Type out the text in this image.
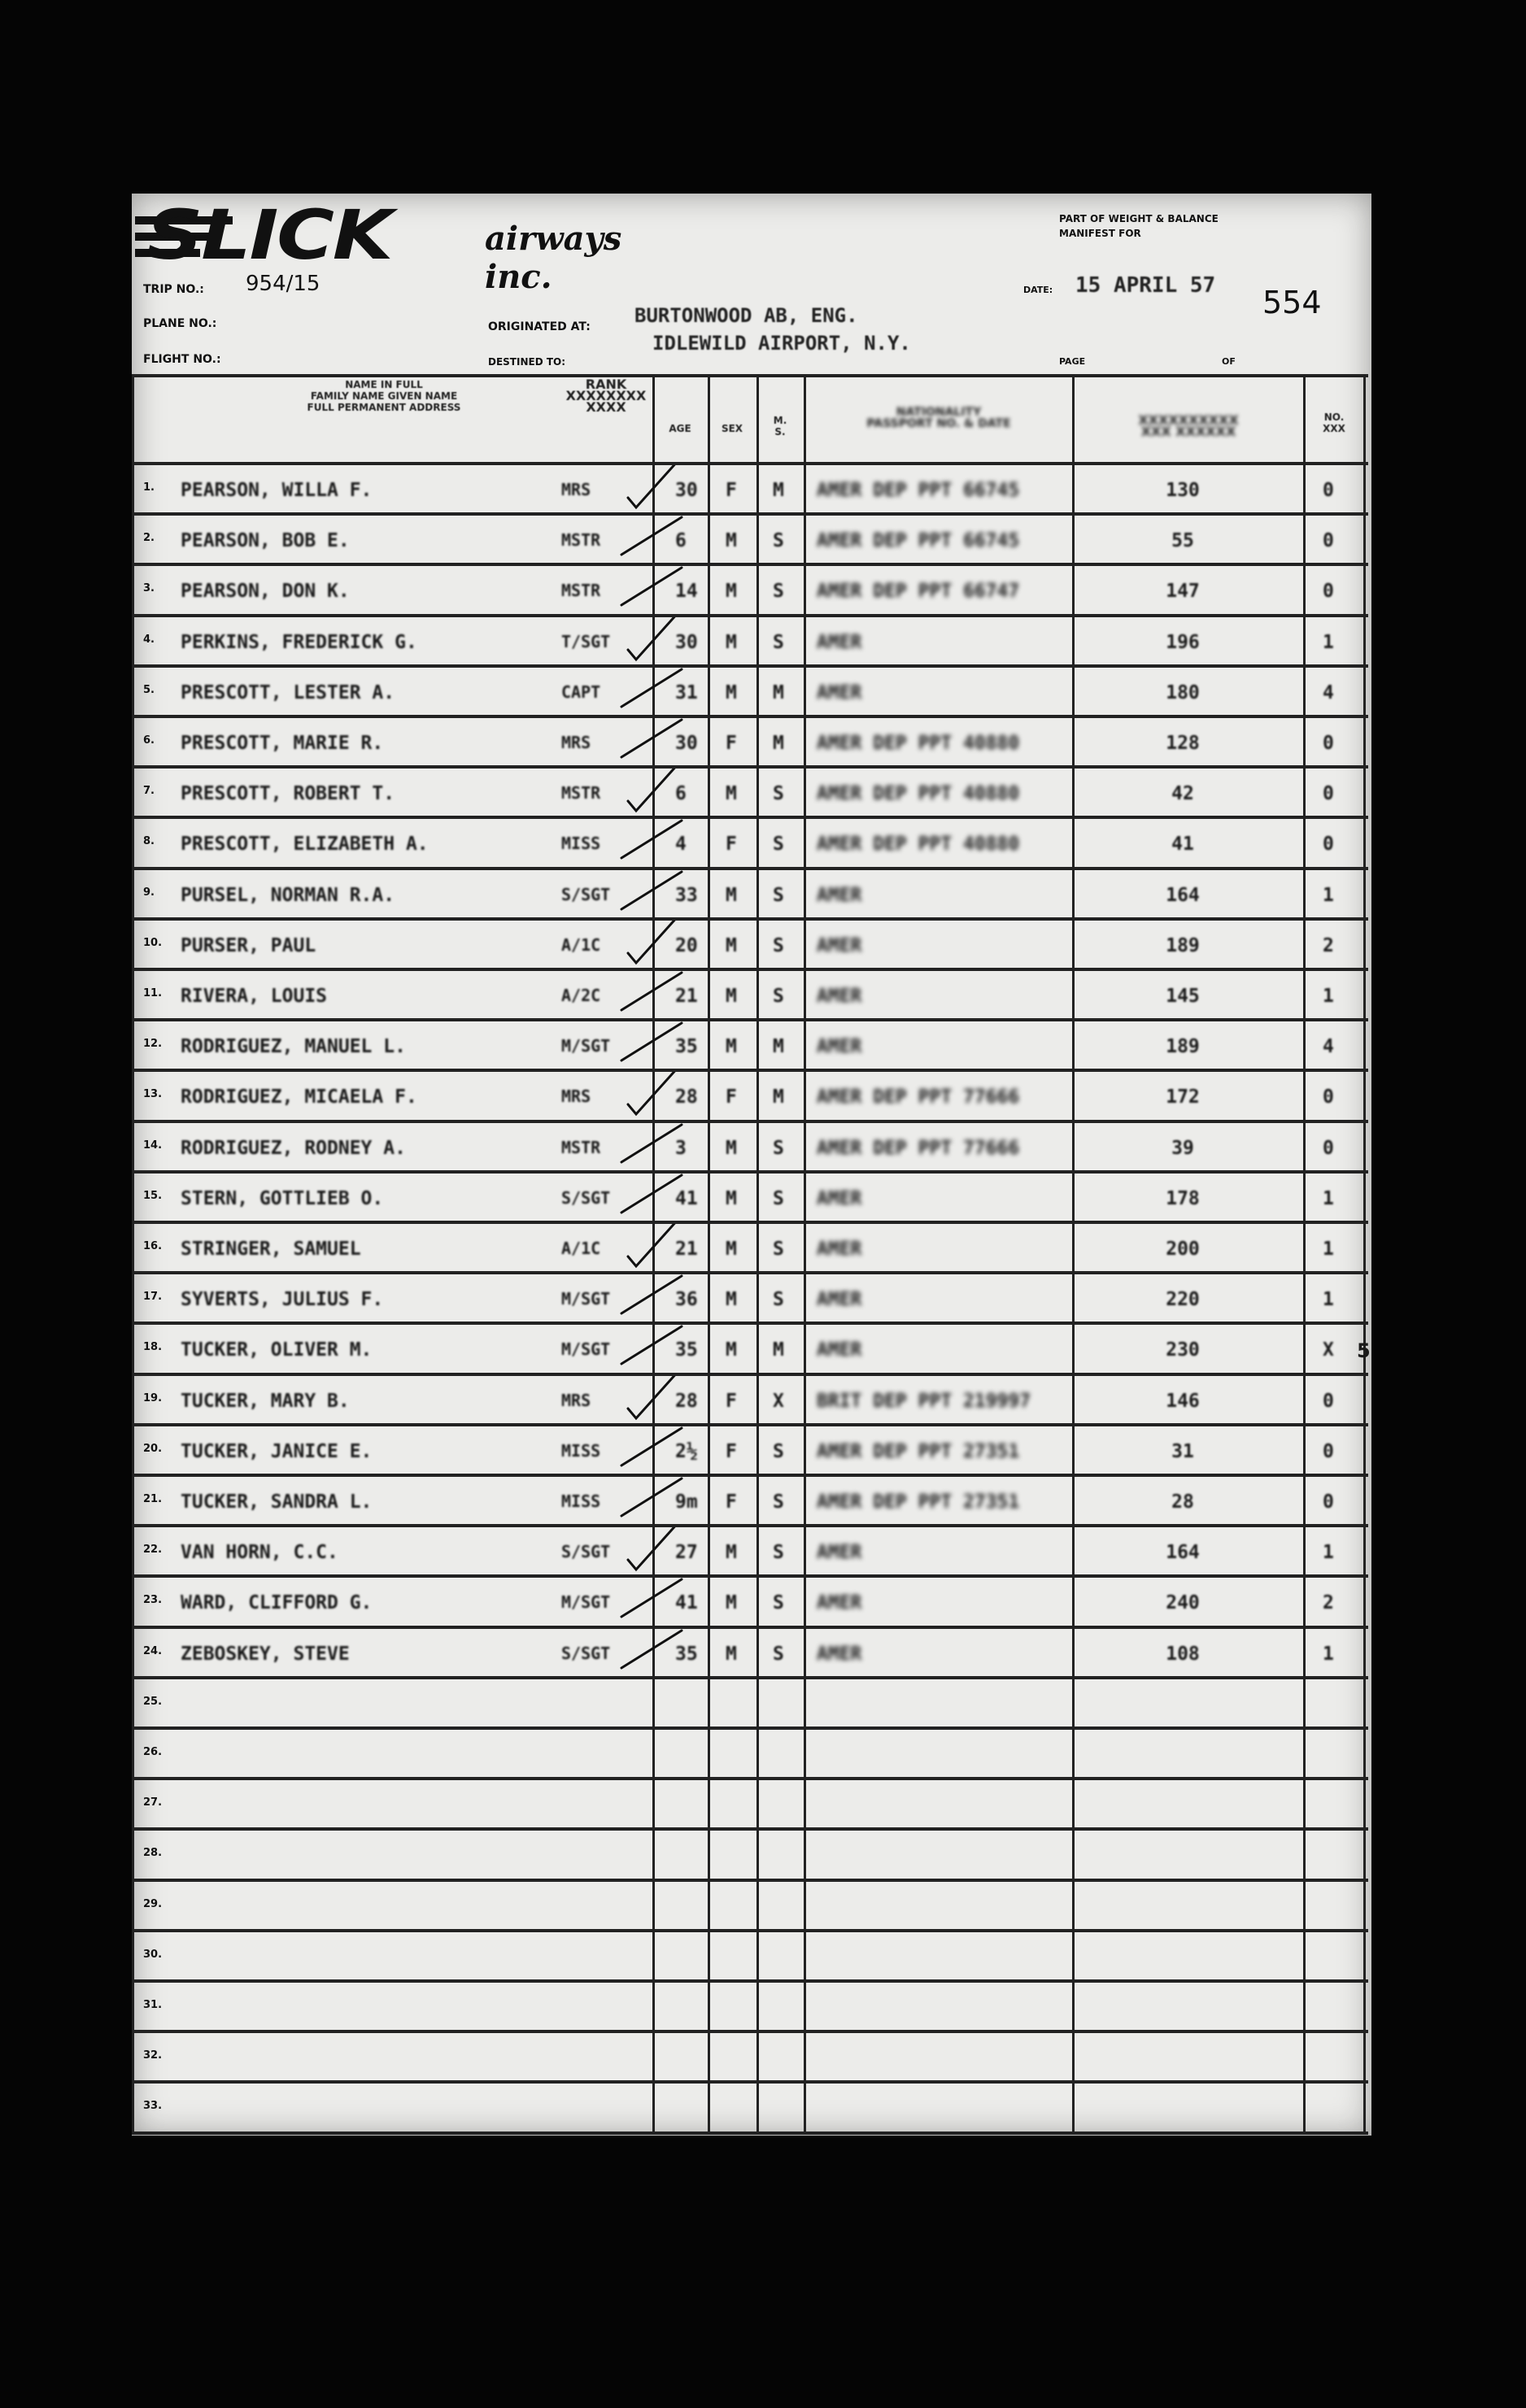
SLICK	airways inc.
PART OF WEIGHT & BALANCE
MANIFEST FOR
TRIP NO.: 954/15
PLANE NO.:
FLIGHT NO.:
ORIGINATED AT: BURTONWOOD AB, ENG.
DESTINED TO:
IDLEWILD AIRPORT, N.Y.
DATE: 15 APRIL 57 554
PAGE	OF
NAME IN FULL
FAMILY NAME GIVEN NAME
FULL PERMANENT ADDRESS
RANK
XXXXXXXX
XXXX
AGE	SEX
M.
S.
NATIONALITY
PASSPORT NO. & DATE	XXXXXXXXXX
XXX XXXXXX
NO.
XXX
1. PEARSON, WILLA F.	MRS	30	F	M	AMER DEP PPT 66745	130	0
2. PEARSON, BOB E.	MSTR	6	M	S	AMER DEP PPT 66745	55	0
3. PEARSON, DON K.	MSTR	14	M	S	AMER DEP PPT 66747	147	0
4. PERKINS, FREDERICK G.	T/SGT	30	M	S	AMER	196	1
5. PRESCOTT, LESTER A.	CAPT	31	M	M	AMER	180	4
6. PRESCOTT, MARIE R.	MRS	30	F	M	AMER DEP PPT 40880	128	0
7. PRESCOTT, ROBERT T.	MSTR	6	M	S	AMER DEP PPT 40880	42	0
8. PRESCOTT, ELIZABETH A.	MISS	4	F	S	AMER DEP PPT 40880	41	0
9. PURSEL, NORMAN R.A.	S/SGT	33	M	S	AMER	164	1
10. PURSER, PAUL	A/1C	20	M	S	AMER	189	2
11. RIVERA, LOUIS	A/2C	21	M	S	AMER	145	1
12. RODRIGUEZ, MANUEL L.	M/SGT	35	M	M	AMER	189	4
13. RODRIGUEZ, MICAELA F.	MRS	28	F	M	AMER DEP PPT 77666	172	0
14. RODRIGUEZ, RODNEY A.	MSTR	3	M	S	AMER DEP PPT 77666	39	0
15. STERN, GOTTLIEB O.	S/SGT	41	M	S	AMER	178	1
16. STRINGER, SAMUEL	A/1C	21	M	S	AMER	200	1
17. SYVERTS, JULIUS F.	M/SGT	36	M	S	AMER	220	1
18. TUCKER, OLIVER M.	M/SGT	35	M	M	AMER	230	X	5
19. TUCKER, MARY B.	MRS	28	F	X	BRIT DEP PPT 219997	146	0
20. TUCKER, JANICE E.	MISS	2½	F	S	AMER DEP PPT 27351	31	0
21. TUCKER, SANDRA L.	MISS	9m	F	S	AMER DEP PPT 27351	28	0
22. VAN HORN, C.C.	S/SGT	27	M	S	AMER	164	1
23. WARD, CLIFFORD G.	M/SGT	41	M	S	AMER	240	2
24. ZEBOSKEY, STEVE	S/SGT	35	M	S	AMER	108	1
25.
26.
27.
28.
29.
30.
31.
32.
33.
